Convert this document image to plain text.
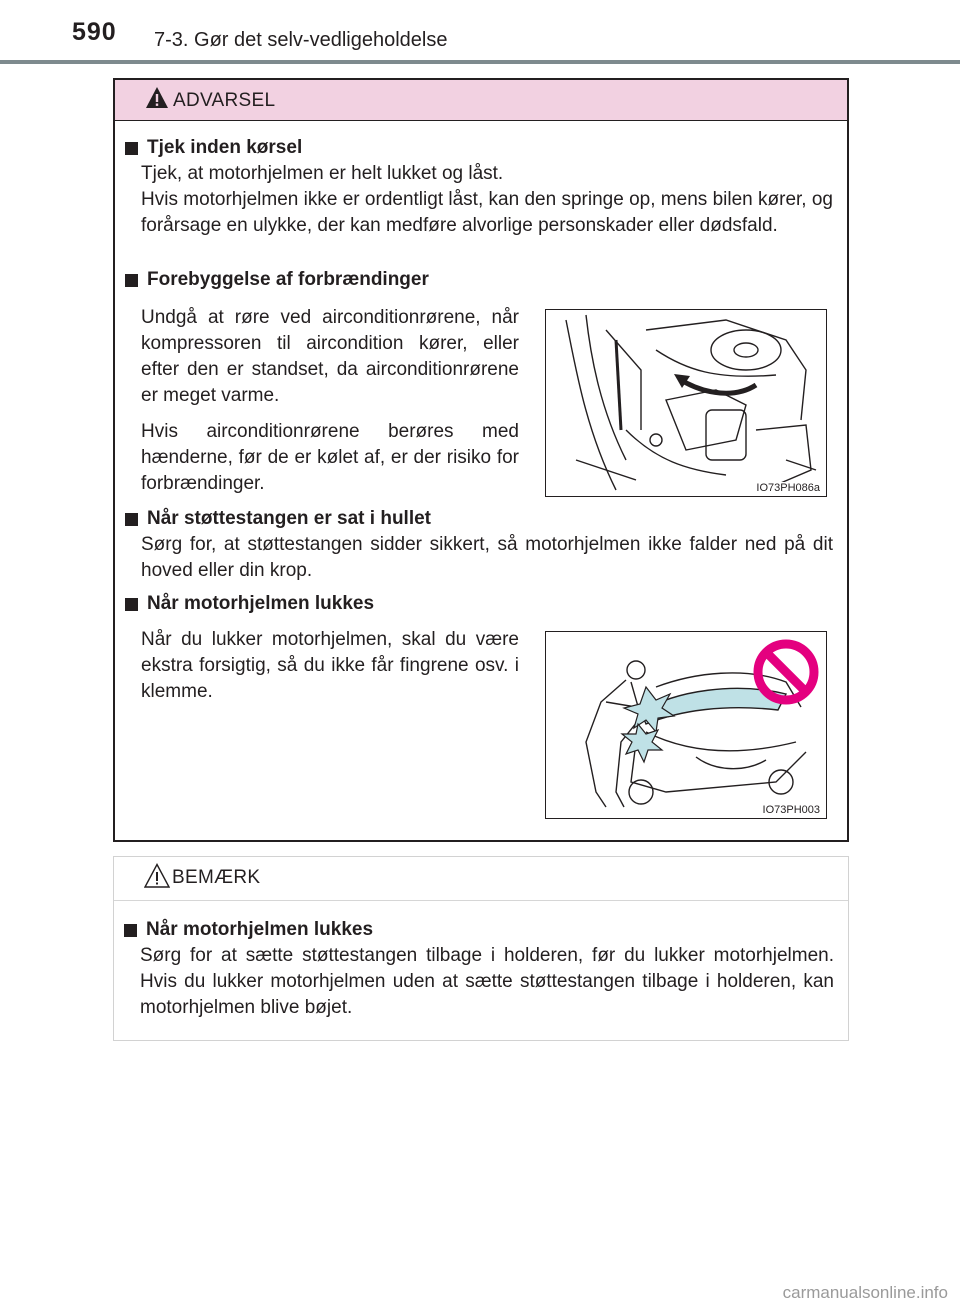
590 7-3. Gør det selv-vedligeholdelse
ADVARSEL
Tjek inden kørsel
Tjek, at motorhjelmen er helt lukket og låst.
Hvis motorhjelmen ikke er ordentligt låst, kan den springe op, mens bilen kører, og forårsage en ulykke, der kan medføre alvorlige personskader eller dødsfald.
Forebyggelse af forbrændinger

Undgå at røre ved airconditionrørene, når kompressoren til aircondition kører, eller efter den er standset, da airconditionrørene er meget varme.

Hvis airconditionrørene berøres med hænderne, før de er kølet af, er der risiko for forbrændinger.	IO73PH086a
Når støttestangen er sat i hullet
Sørg for, at støttestangen sidder sikkert, så motorhjelmen ikke falder ned på dit hoved eller din krop.
Når motorhjelmen lukkes

Når du lukker motorhjelmen, skal du være ekstra forsigtig, så du ikke får fingrene osv. i klemme.

IO73PH003
BEMÆRK
Når motorhjelmen lukkes
Sørg for at sætte støttestangen tilbage i holderen, før du lukker motorhjelmen. Hvis du lukker motorhjelmen uden at sætte støttestangen tilbage i holderen, kan motorhjelmen blive bøjet.
carmanualsonline.info
